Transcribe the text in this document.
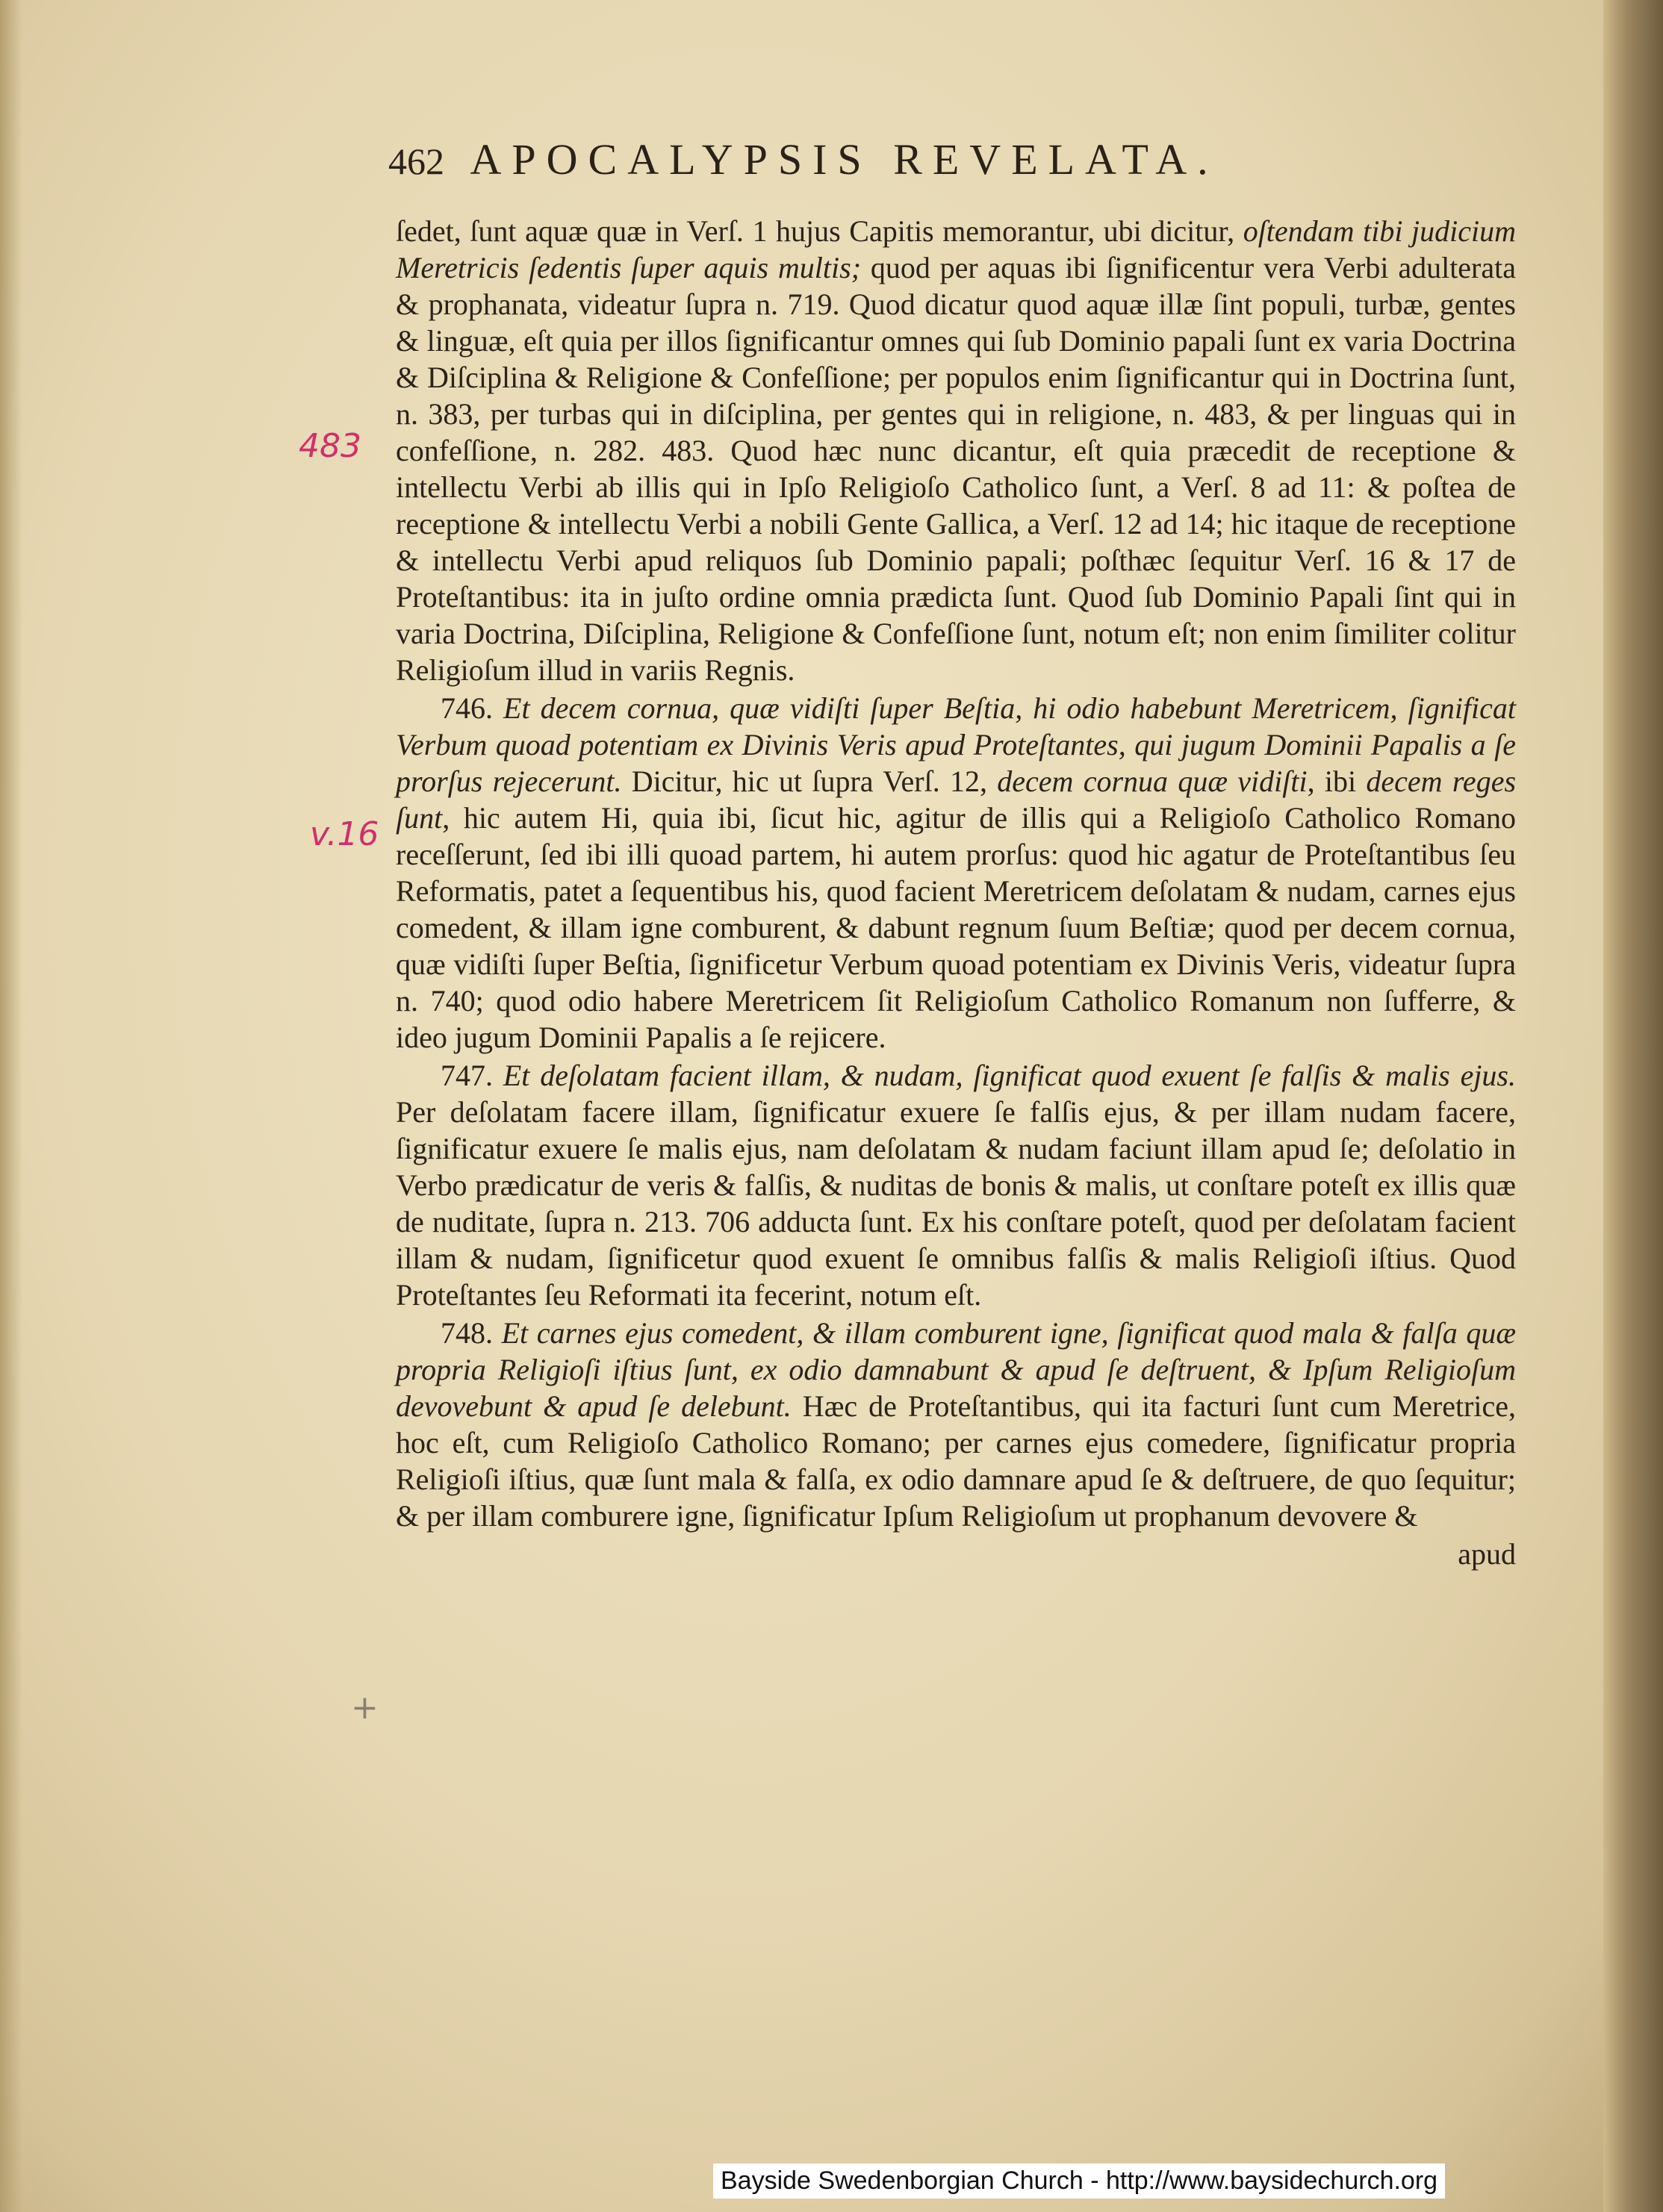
462 APOCALYPSIS REVELATA.
483
v.16
+

ſedet, ſunt aquæ quæ in Verſ. 1 hujus Capitis memorantur, ubi dicitur, oſtendam tibi judicium Meretricis ſedentis ſuper aquis multis; quod per aquas ibi ſignificentur vera Verbi adulterata & prophanata, videatur ſupra n. 719. Quod dicatur quod aquæ illæ ſint populi, turbæ, gentes & linguæ, eſt quia per illos ſignificantur omnes qui ſub Dominio papali ſunt ex varia Doctrina & Diſciplina & Religione & Confeſſione; per populos enim ſignificantur qui in Doctrina ſunt, n. 383, per turbas qui in diſciplina, per gentes qui in religione, n. 483, & per linguas qui in confeſſione, n. 282. 483. Quod hæc nunc dicantur, eſt quia præcedit de receptione & intellectu Verbi ab illis qui in Ipſo Religioſo Catholico ſunt, a Verſ. 8 ad 11: & poſtea de receptione & intellectu Verbi a nobili Gente Gallica, a Verſ. 12 ad 14; hic itaque de receptione & intellectu Verbi apud reliquos ſub Dominio papali; poſthæc ſequitur Verſ. 16 & 17 de Proteſtantibus: ita in juſto ordine omnia prædicta ſunt. Quod ſub Dominio Papali ſint qui in varia Doctrina, Diſciplina, Religione & Confeſſione ſunt, notum eſt; non enim ſimiliter colitur Religioſum illud in variis Regnis.

746. Et decem cornua, quæ vidiſti ſuper Beſtia, hi odio habebunt Meretricem, ſignificat Verbum quoad potentiam ex Divinis Veris apud Proteſtantes, qui jugum Dominii Papalis a ſe prorſus rejecerunt. Dicitur, hic ut ſupra Verſ. 12, decem cornua quæ vidiſti, ibi decem reges ſunt, hic autem Hi, quia ibi, ſicut hic, agitur de illis qui a Religioſo Catholico Romano receſſerunt, ſed ibi illi quoad partem, hi autem prorſus: quod hic agatur de Proteſtantibus ſeu Reformatis, patet a ſequentibus his, quod facient Meretricem deſolatam & nudam, carnes ejus comedent, & illam igne comburent, & dabunt regnum ſuum Beſtiæ; quod per decem cornua, quæ vidiſti ſuper Beſtia, ſignificetur Verbum quoad potentiam ex Divinis Veris, videatur ſupra n. 740; quod odio habere Meretricem ſit Religioſum Catholico Romanum non ſufferre, & ideo jugum Dominii Papalis a ſe rejicere.

747. Et deſolatam facient illam, & nudam, ſignificat quod exuent ſe falſis & malis ejus. Per deſolatam facere illam, ſignificatur exuere ſe falſis ejus, & per illam nudam facere, ſignificatur exuere ſe malis ejus, nam deſolatam & nudam faciunt illam apud ſe; deſolatio in Verbo prædicatur de veris & falſis, & nuditas de bonis & malis, ut conſtare poteſt ex illis quæ de nuditate, ſupra n. 213. 706 adducta ſunt. Ex his conſtare poteſt, quod per deſolatam facient illam & nudam, ſignificetur quod exuent ſe omnibus falſis & malis Religioſi iſtius. Quod Proteſtantes ſeu Reformati ita fecerint, notum eſt.

748. Et carnes ejus comedent, & illam comburent igne, ſignificat quod mala & falſa quæ propria Religioſi iſtius ſunt, ex odio damnabunt & apud ſe deſtruent, & Ipſum Religioſum devovebunt & apud ſe delebunt. Hæc de Proteſtantibus, qui ita facturi ſunt cum Meretrice, hoc eſt, cum Religioſo Catholico Romano; per carnes ejus comedere, ſignificatur propria Religioſi iſtius, quæ ſunt mala & falſa, ex odio damnare apud ſe & deſtruere, de quo ſequitur; & per illam comburere igne, ſignificatur Ipſum Religioſum ut prophanum devovere &

apud

Bayside Swedenborgian Church - http://www.baysidechurch.org
